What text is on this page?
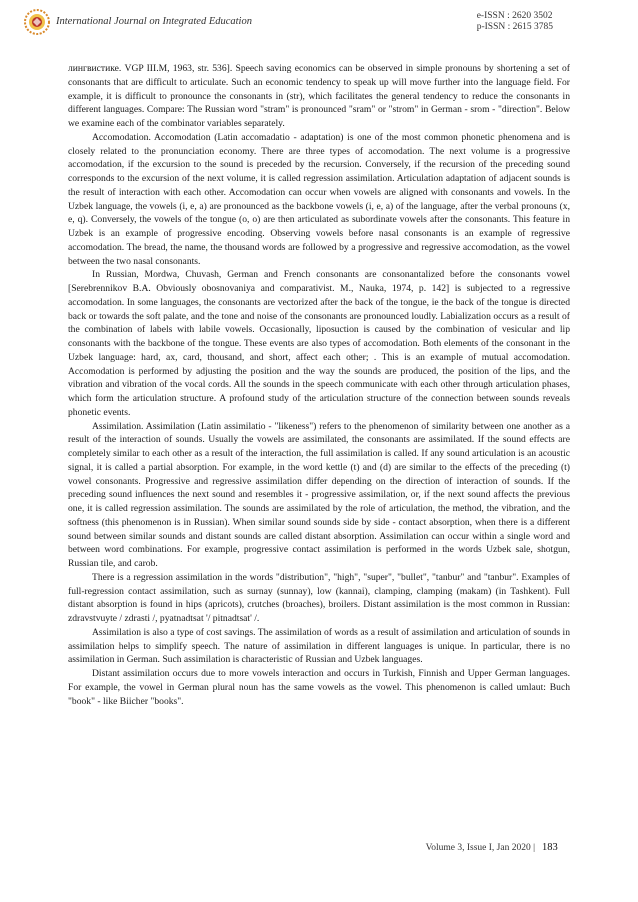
International Journal on Integrated Education	e-ISSN : 2620 3502
p-ISSN : 2615 3785

лингвистике. VGP III.M, 1963, str. 536]. Speech saving economics can be observed in simple pronouns by shortening a set of consonants that are difficult to articulate. Such an economic tendency to speak up will move further into the language field. For example, it is difficult to pronounce the consonants in (str), which facilitates the general tendency to reduce the consonants in different languages. Compare: The Russian word "stram" is pronounced "sram" or "strom" in German - srom - "direction". Below we examine each of the combinator variables separately.

Accomodation. Accomodation (Latin accomadatio - adaptation) is one of the most common phonetic phenomena and is closely related to the pronunciation economy. There are three types of accomodation. The next volume is a progressive accomodation, if the excursion to the sound is preceded by the recursion. Conversely, if the recursion of the preceding sound corresponds to the excursion of the next volume, it is called regression assimilation. Articulation adaptation of adjacent sounds is the result of interaction with each other. Accomodation can occur when vowels are aligned with consonants and vowels. In the Uzbek language, the vowels (i, e, a) are pronounced as the backbone vowels (i, e, a) of the language, after the verbal pronouns (x, e, q). Conversely, the vowels of the tongue (o, o) are then articulated as subordinate vowels after the consonants. This feature in Uzbek is an example of progressive encoding. Observing vowels before nasal consonants is an example of regressive accomodation. The bread, the name, the thousand words are followed by a progressive and regressive accomodation, as the vowel between the two nasal consonants.

In Russian, Mordwa, Chuvash, German and French consonants are consonantalized before the consonants vowel [Serebrennikov B.A. Obviously obosnovaniya and comparativist. M., Nauka, 1974, p. 142] is subjected to a regressive accomodation. In some languages, the consonants are vectorized after the back of the tongue, ie the back of the tongue is directed back or towards the soft palate, and the tone and noise of the consonants are pronounced loudly. Labialization occurs as a result of the combination of labels with labile vowels. Occasionally, liposuction is caused by the combination of vesicular and lip consonants with the backbone of the tongue. These events are also types of accomodation. Both elements of the consonant in the Uzbek language: hard, ax, card, thousand, and short, affect each other; . This is an example of mutual accomodation. Accomodation is performed by adjusting the position and the way the sounds are produced, the position of the lips, and the vibration and vibration of the vocal cords. All the sounds in the speech communicate with each other through articulation phases, which form the articulation structure. A profound study of the articulation structure of the connection between sounds reveals phonetic events.

Assimilation. Assimilation (Latin assimilatio - "likeness") refers to the phenomenon of similarity between one another as a result of the interaction of sounds. Usually the vowels are assimilated, the consonants are assimilated. If the sound effects are completely similar to each other as a result of the interaction, the full assimilation is called. If any sound articulation is an acoustic signal, it is called a partial absorption. For example, in the word kettle (t) and (d) are similar to the effects of the preceding (t) vowel consonants. Progressive and regressive assimilation differ depending on the direction of interaction of sounds. If the preceding sound influences the next sound and resembles it - progressive assimilation, or, if the next sound affects the previous one, it is called regression assimilation. The sounds are assimilated by the role of articulation, the method, the vibration, and the softness (this phenomenon is in Russian). When similar sound sounds side by side - contact absorption, when there is a different sound between similar sounds and distant sounds are called distant absorption. Assimilation can occur within a single word and between word combinations. For example, progressive contact assimilation is performed in the words Uzbek sale, shotgun, Russian tile, and carob.

There is a regression assimilation in the words "distribution", "high", "super", "bullet", "tanbur" and "tanbur". Examples of full-regression contact assimilation, such as surnay (sunnay), low (kannai), clamping, clamping (makam) (in Tashkent). Full distant absorption is found in hips (apricots), crutches (broaches), broilers. Distant assimilation is the most common in Russian: zdravstvuyte / zdrasti /, pyatnadtsat '/ pitnadtsat' /.

Assimilation is also a type of cost savings. The assimilation of words as a result of assimilation and articulation of sounds in assimilation helps to simplify speech. The nature of assimilation in different languages is unique. In particular, there is no assimilation in German. Such assimilation is characteristic of Russian and Uzbek languages.

Distant assimilation occurs due to more vowels interaction and occurs in Turkish, Finnish and Upper German languages. For example, the vowel in German plural noun has the same vowels as the vowel. This phenomenon is called umlaut: Buch "book" - like Biicher "books".

Volume 3, Issue I, Jan 2020 | 183
